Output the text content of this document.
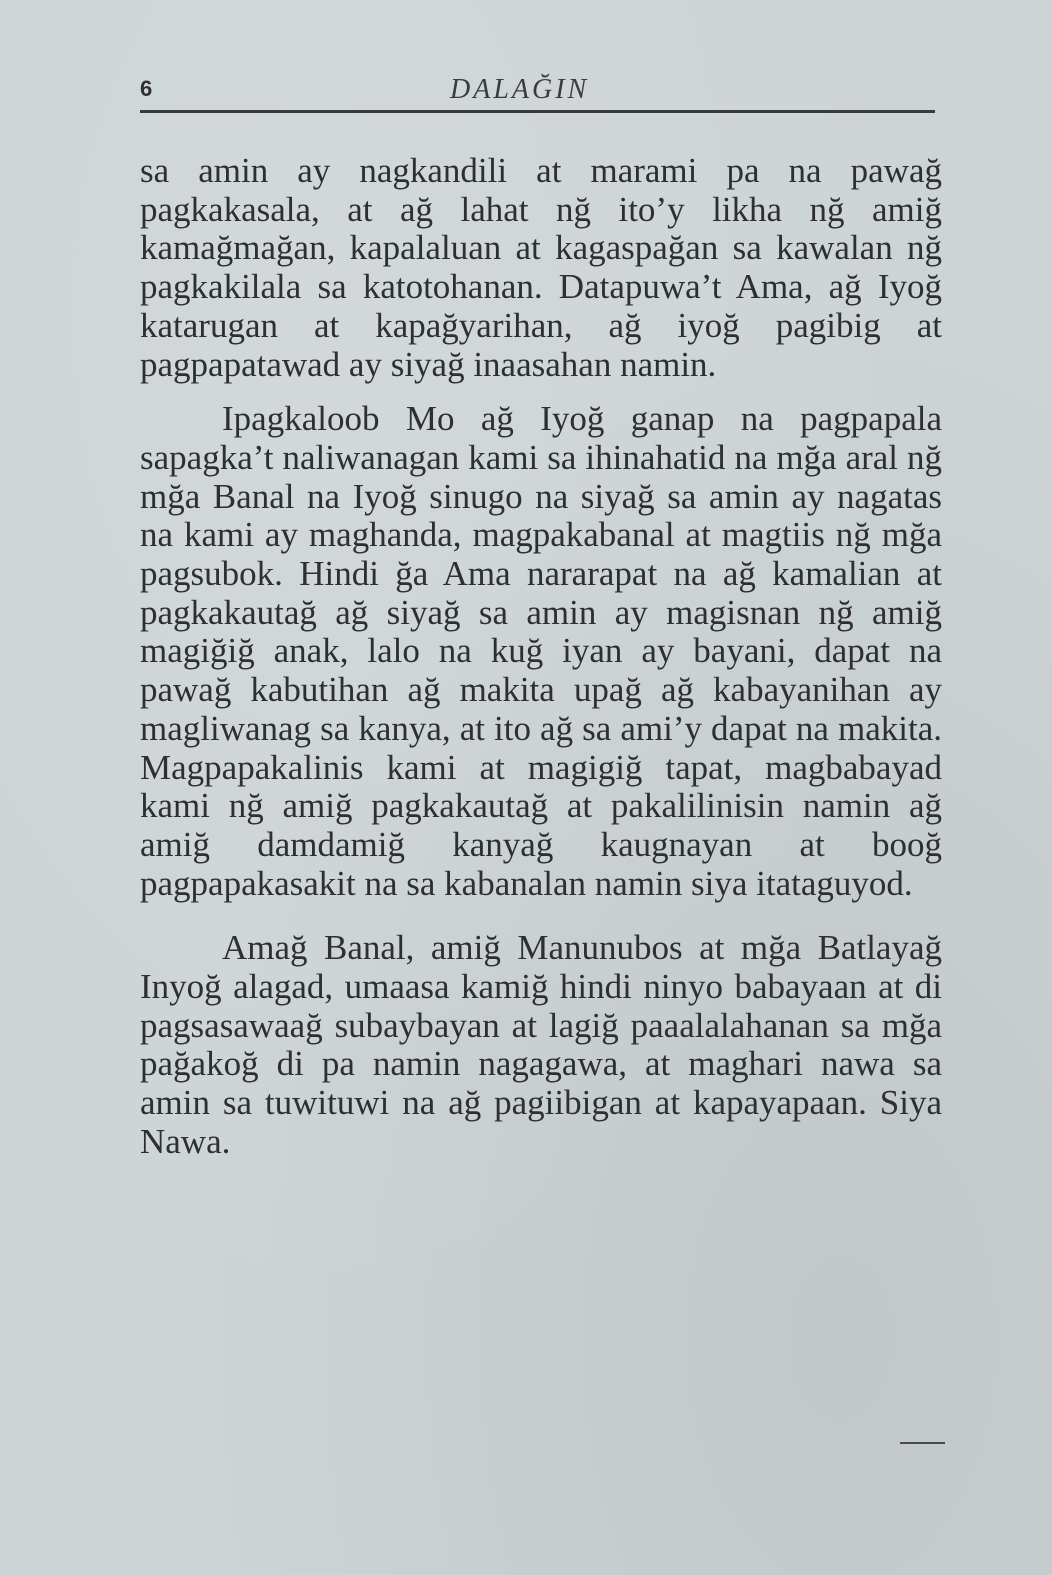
6	DALAĞIN

sa amin ay nagkandili at marami pa na pawağ pagkakasala, at ağ lahat nğ ito’y likha nğ amiğ kamağmağan, kapalaluan at kagaspağan sa kawalan nğ pagkakilala sa katotohanan. Datapuwa’t Ama, ağ Iyoğ katarugan at kapağyarihan, ağ iyoğ pagibig at pagpapatawad ay siyağ inaasahan namin.

Ipagkaloob Mo ağ Iyoğ ganap na pagpapala sapagka’t naliwanagan kami sa ihinahatid na mğa aral nğ mğa Banal na Iyoğ sinugo na siyağ sa amin ay nagatas na kami ay maghanda, magpakabanal at magtiis nğ mğa pagsubok. Hindi ğa Ama nararapat na ağ kamalian at pagkakautağ ağ siyağ sa amin ay magisnan nğ amiğ magiğiğ anak, lalo na kuğ iyan ay bayani, dapat na pawağ kabutihan ağ makita upağ ağ kabayanihan ay magliwanag sa kanya, at ito ağ sa ami’y dapat na makita. Magpapakalinis kami at magigiğ tapat, magbabayad kami nğ amiğ pagkakautağ at pakalilinisin namin ağ amiğ damdamiğ kanyağ kaugnayan at booğ pagpapakasakit na sa kabanalan namin siya itataguyod.

Amağ Banal, amiğ Manunubos at mğa Batlayağ Inyoğ alagad, umaasa kamiğ hindi ninyo babayaan at di pagsasawaağ subaybayan at lagiğ paaalalahanan sa mğa pağakoğ di pa namin nagagawa, at maghari nawa sa amin sa tuwituwi na ağ pagiibigan at kapayapaan. Siya Nawa.
